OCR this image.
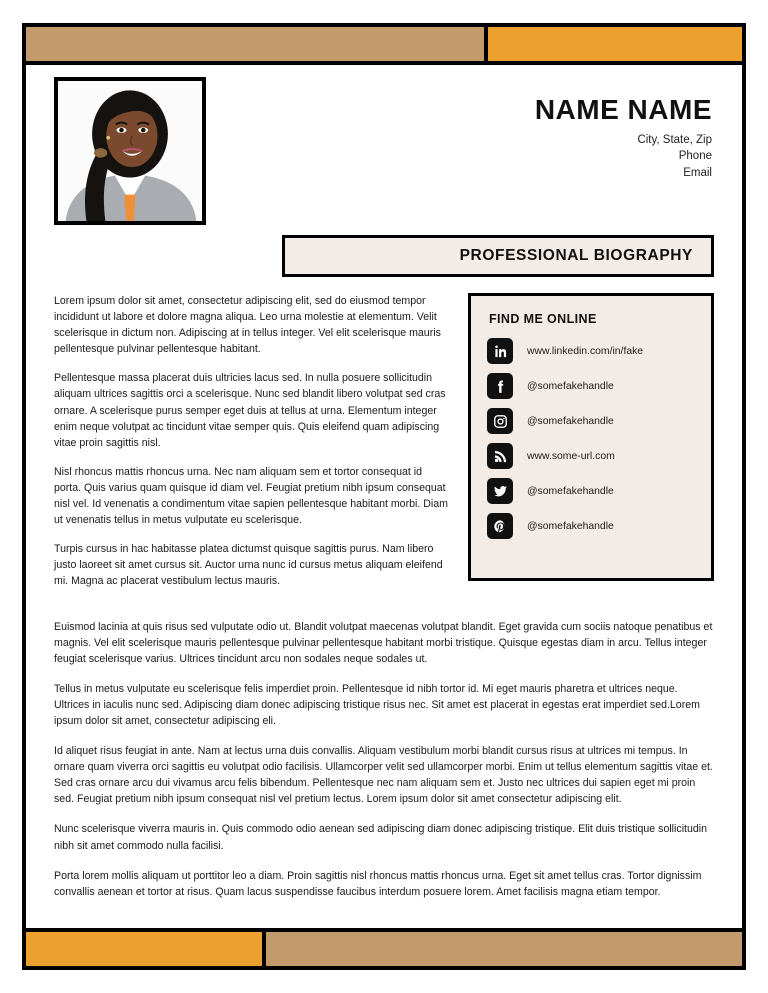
NAME NAME
City, State, Zip
Phone
Email
PROFESSIONAL BIOGRAPHY

Lorem ipsum dolor sit amet, consectetur adipiscing elit, sed do eiusmod tempor incididunt ut labore et dolore magna aliqua. Leo urna molestie at elementum. Velit scelerisque in dictum non. Adipiscing at in tellus integer. Vel elit scelerisque mauris pellentesque pulvinar pellentesque habitant.

Pellentesque massa placerat duis ultricies lacus sed. In nulla posuere sollicitudin aliquam ultrices sagittis orci a scelerisque. Nunc sed blandit libero volutpat sed cras ornare. A scelerisque purus semper eget duis at tellus at urna. Elementum integer enim neque volutpat ac tincidunt vitae semper quis. Quis eleifend quam adipiscing vitae proin sagittis nisl.

Nisl rhoncus mattis rhoncus urna. Nec nam aliquam sem et tortor consequat id porta. Quis varius quam quisque id diam vel. Feugiat pretium nibh ipsum consequat nisl vel. Id venenatis a condimentum vitae sapien pellentesque habitant morbi. Diam ut venenatis tellus in metus vulputate eu scelerisque.

Turpis cursus in hac habitasse platea dictumst quisque sagittis purus. Nam libero justo laoreet sit amet cursus sit. Auctor urna nunc id cursus metus aliquam eleifend mi. Magna ac placerat vestibulum lectus mauris.

FIND ME ONLINE
www.linkedin.com/in/fake
@somefakehandle
@somefakehandle
www.some-url.com
@somefakehandle
@somefakehandle

Euismod lacinia at quis risus sed vulputate odio ut. Blandit volutpat maecenas volutpat blandit. Eget gravida cum sociis natoque penatibus et magnis. Vel elit scelerisque mauris pellentesque pulvinar pellentesque habitant morbi tristique. Quisque egestas diam in arcu. Tellus integer feugiat scelerisque varius. Ultrices tincidunt arcu non sodales neque sodales ut.

Tellus in metus vulputate eu scelerisque felis imperdiet proin. Pellentesque id nibh tortor id. Mi eget mauris pharetra et ultrices neque. Ultrices in iaculis nunc sed. Adipiscing diam donec adipiscing tristique risus nec. Sit amet est placerat in egestas erat imperdiet sed.Lorem ipsum dolor sit amet, consectetur adipiscing eli.

Id aliquet risus feugiat in ante. Nam at lectus urna duis convallis. Aliquam vestibulum morbi blandit cursus risus at ultrices mi tempus. In ornare quam viverra orci sagittis eu volutpat odio facilisis. Ullamcorper velit sed ullamcorper morbi. Enim ut tellus elementum sagittis vitae et. Sed cras ornare arcu dui vivamus arcu felis bibendum. Pellentesque nec nam aliquam sem et. Justo nec ultrices dui sapien eget mi proin sed. Feugiat pretium nibh ipsum consequat nisl vel pretium lectus. Lorem ipsum dolor sit amet consectetur adipiscing elit.

Nunc scelerisque viverra mauris in. Quis commodo odio aenean sed adipiscing diam donec adipiscing tristique. Elit duis tristique sollicitudin nibh sit amet commodo nulla facilisi.

Porta lorem mollis aliquam ut porttitor leo a diam. Proin sagittis nisl rhoncus mattis rhoncus urna. Eget sit amet tellus cras. Tortor dignissim convallis aenean et tortor at risus. Quam lacus suspendisse faucibus interdum posuere lorem. Amet facilisis magna etiam tempor.
